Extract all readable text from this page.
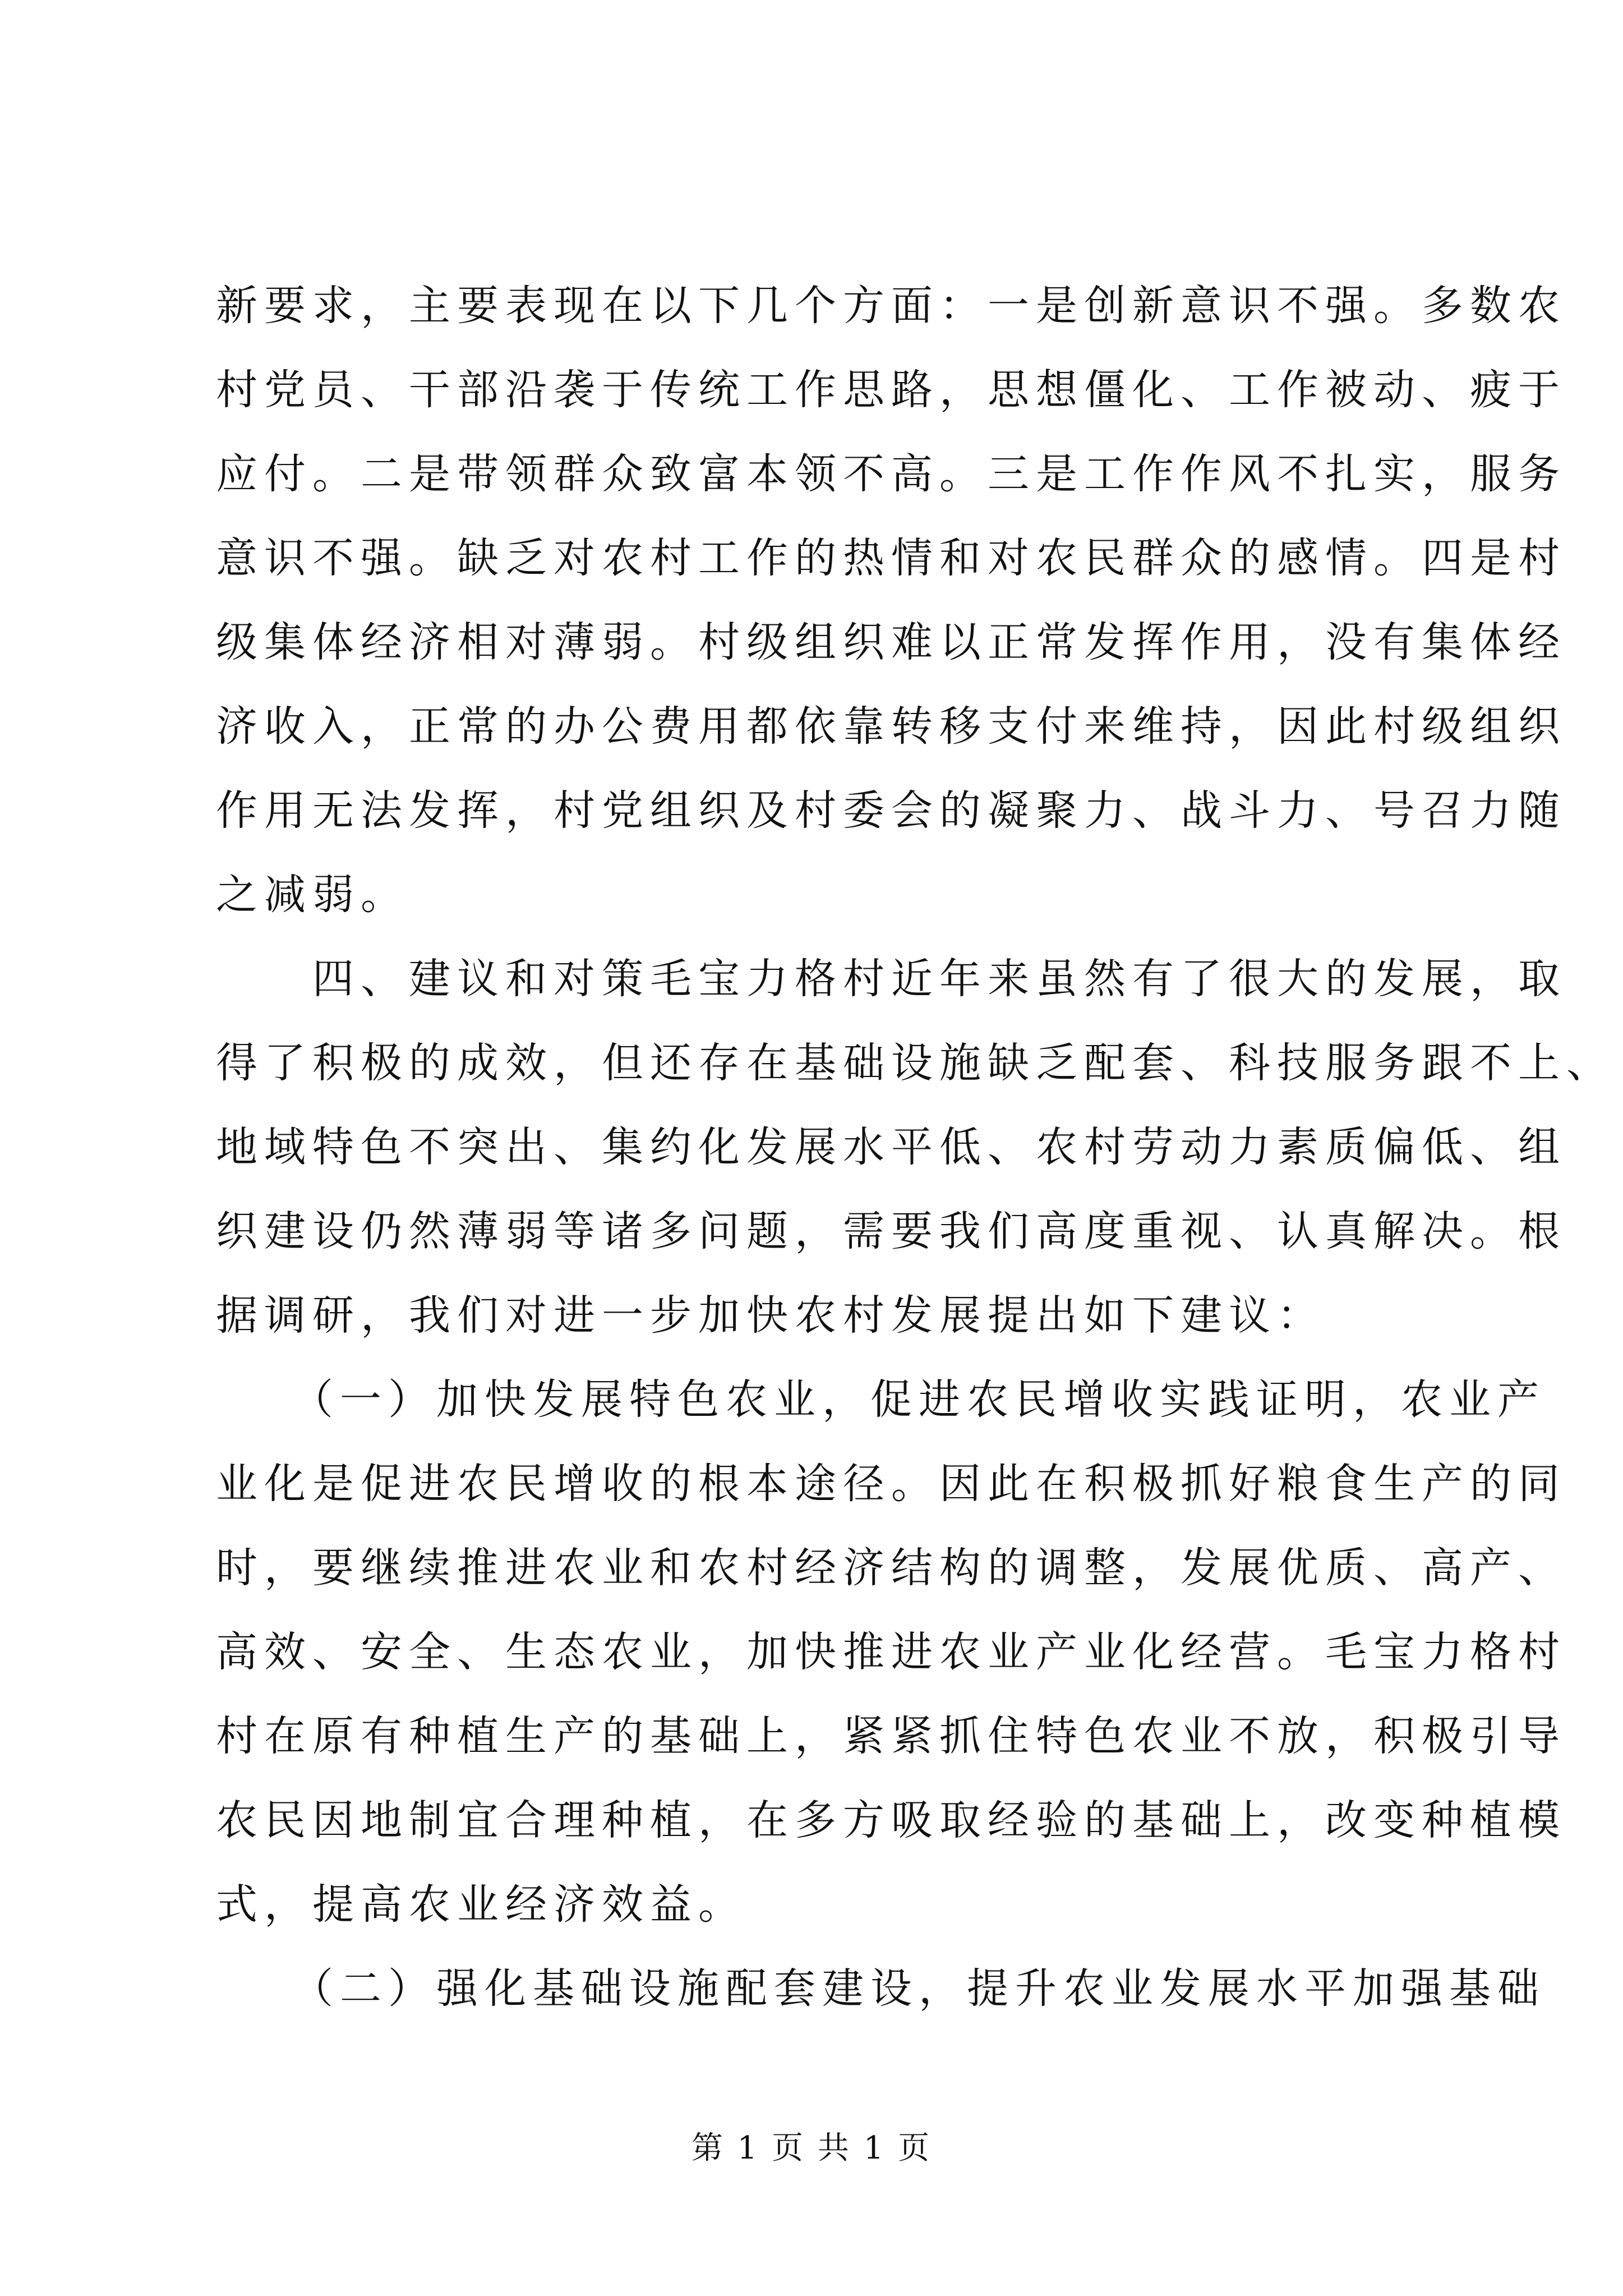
新要求，主要表现在以下几个方面：一是创新意识不强。多数农
村党员、干部沿袭于传统工作思路，思想僵化、工作被动、疲于
应付。二是带领群众致富本领不高。三是工作作风不扎实，服务
意识不强。缺乏对农村工作的热情和对农民群众的感情。四是村
级集体经济相对薄弱。村级组织难以正常发挥作用，没有集体经
济收入，正常的办公费用都依靠转移支付来维持，因此村级组织
作用无法发挥，村党组织及村委会的凝聚力、战斗力、号召力随
之减弱。
　　四、建议和对策毛宝力格村近年来虽然有了很大的发展，取
得了积极的成效，但还存在基础设施缺乏配套、科技服务跟不上、
地域特色不突出、集约化发展水平低、农村劳动力素质偏低、组
织建设仍然薄弱等诸多问题，需要我们高度重视、认真解决。根
据调研，我们对进一步加快农村发展提出如下建议：
　　（一）加快发展特色农业，促进农民增收实践证明，农业产
业化是促进农民增收的根本途径。因此在积极抓好粮食生产的同
时，要继续推进农业和农村经济结构的调整，发展优质、高产、
高效、安全、生态农业，加快推进农业产业化经营。毛宝力格村
村在原有种植生产的基础上，紧紧抓住特色农业不放，积极引导
农民因地制宜合理种植，在多方吸取经验的基础上，改变种植模
式，提高农业经济效益。
　　（二）强化基础设施配套建设，提升农业发展水平加强基础
第 1 页 共 1 页
